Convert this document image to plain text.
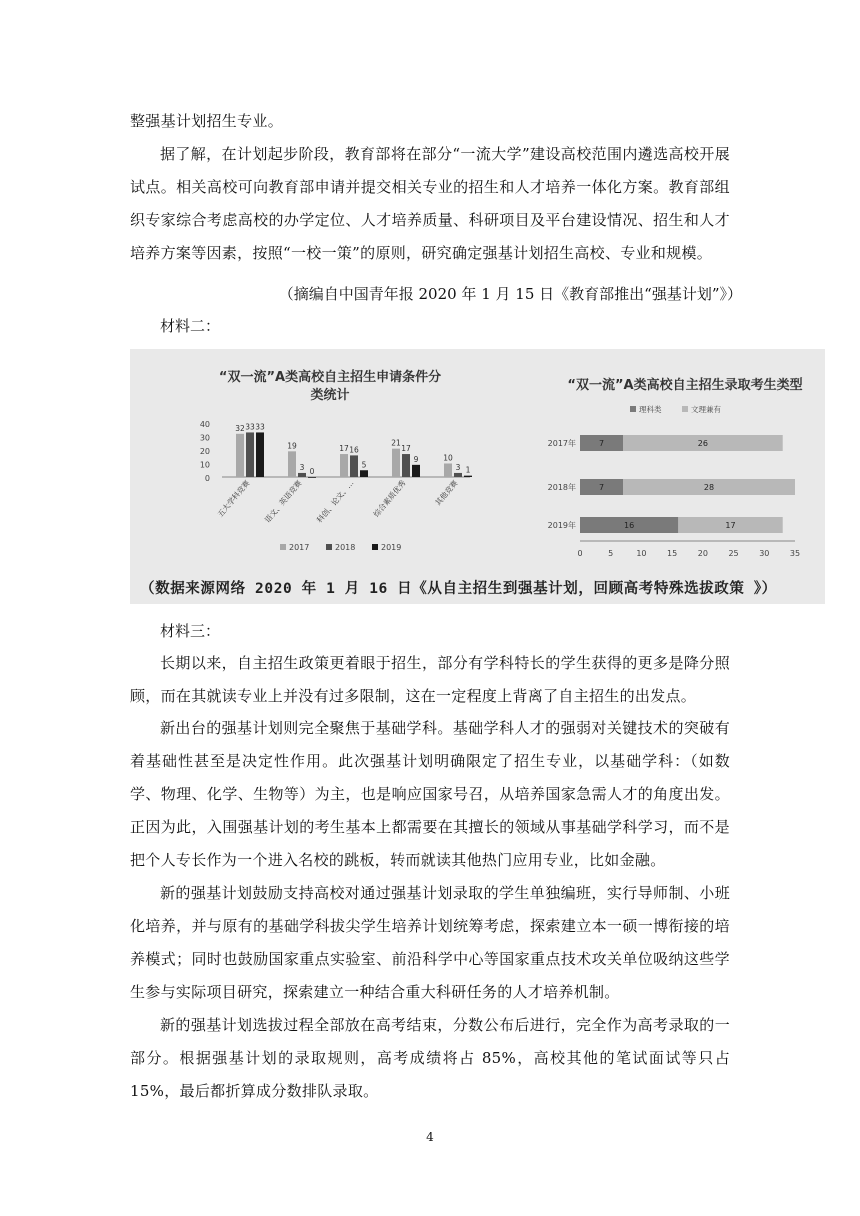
整强基计划招生专业。

据了解，在计划起步阶段，教育部将在部分“一流大学”建设高校范围内遴选高校开展试点。相关高校可向教育部申请并提交相关专业的招生和人才培养一体化方案。教育部组织专家综合考虑高校的办学定位、人才培养质量、科研项目及平台建设情况、招生和人才培养方案等因素，按照“一校一策”的原则，研究确定强基计划招生高校、专业和规模。

（摘编自中国青年报 2020 年 1 月 15 日《教育部推出“强基计划”》）

材料二：

“双一流”A类高校自主招生申请条件分
类统计
0
10
20
30
40	32 33 33
五大学科竞赛
19
3 0
语文、英语竞赛
17 16
5
科创、论文、…
21
17
9
综合素质优秀
10
3 1
其他竞赛
2017	2018	2019
“双一流”A类高校自主招生录取考生类型
理科类	文理兼有
2017年	7	26
2018年	7	28
2019年	16	17
0	5	10	15	20	25	30	35

（数据来源网络 2020 年 1 月 16 日《从自主招生到强基计划，回顾高考特殊选拔政策 》）

材料三：

长期以来，自主招生政策更着眼于招生，部分有学科特长的学生获得的更多是降分照顾，而在其就读专业上并没有过多限制，这在一定程度上背离了自主招生的出发点。

新出台的强基计划则完全聚焦于基础学科。基础学科人才的强弱对关键技术的突破有着基础性甚至是决定性作用。此次强基计划明确限定了招生专业，以基础学科：（如数学、物理、化学、生物等）为主，也是响应国家号召，从培养国家急需人才的角度出发。正因为此，入围强基计划的考生基本上都需要在其擅长的领域从事基础学科学习，而不是把个人专长作为一个进入名校的跳板，转而就读其他热门应用专业，比如金融。

新的强基计划鼓励支持高校对通过强基计划录取的学生单独编班，实行导师制、小班化培养，并与原有的基础学科拔尖学生培养计划统筹考虑，探索建立本一硕一博衔接的培养模式；同时也鼓励国家重点实验室、前沿科学中心等国家重点技术攻关单位吸纳这些学生参与实际项目研究，探索建立一种结合重大科研任务的人才培养机制。

新的强基计划选拔过程全部放在高考结束，分数公布后进行，完全作为高考录取的一部分。根据强基计划的录取规则，高考成绩将占 85%，高校其他的笔试面试等只占 15%，最后都折算成分数排队录取。

4
